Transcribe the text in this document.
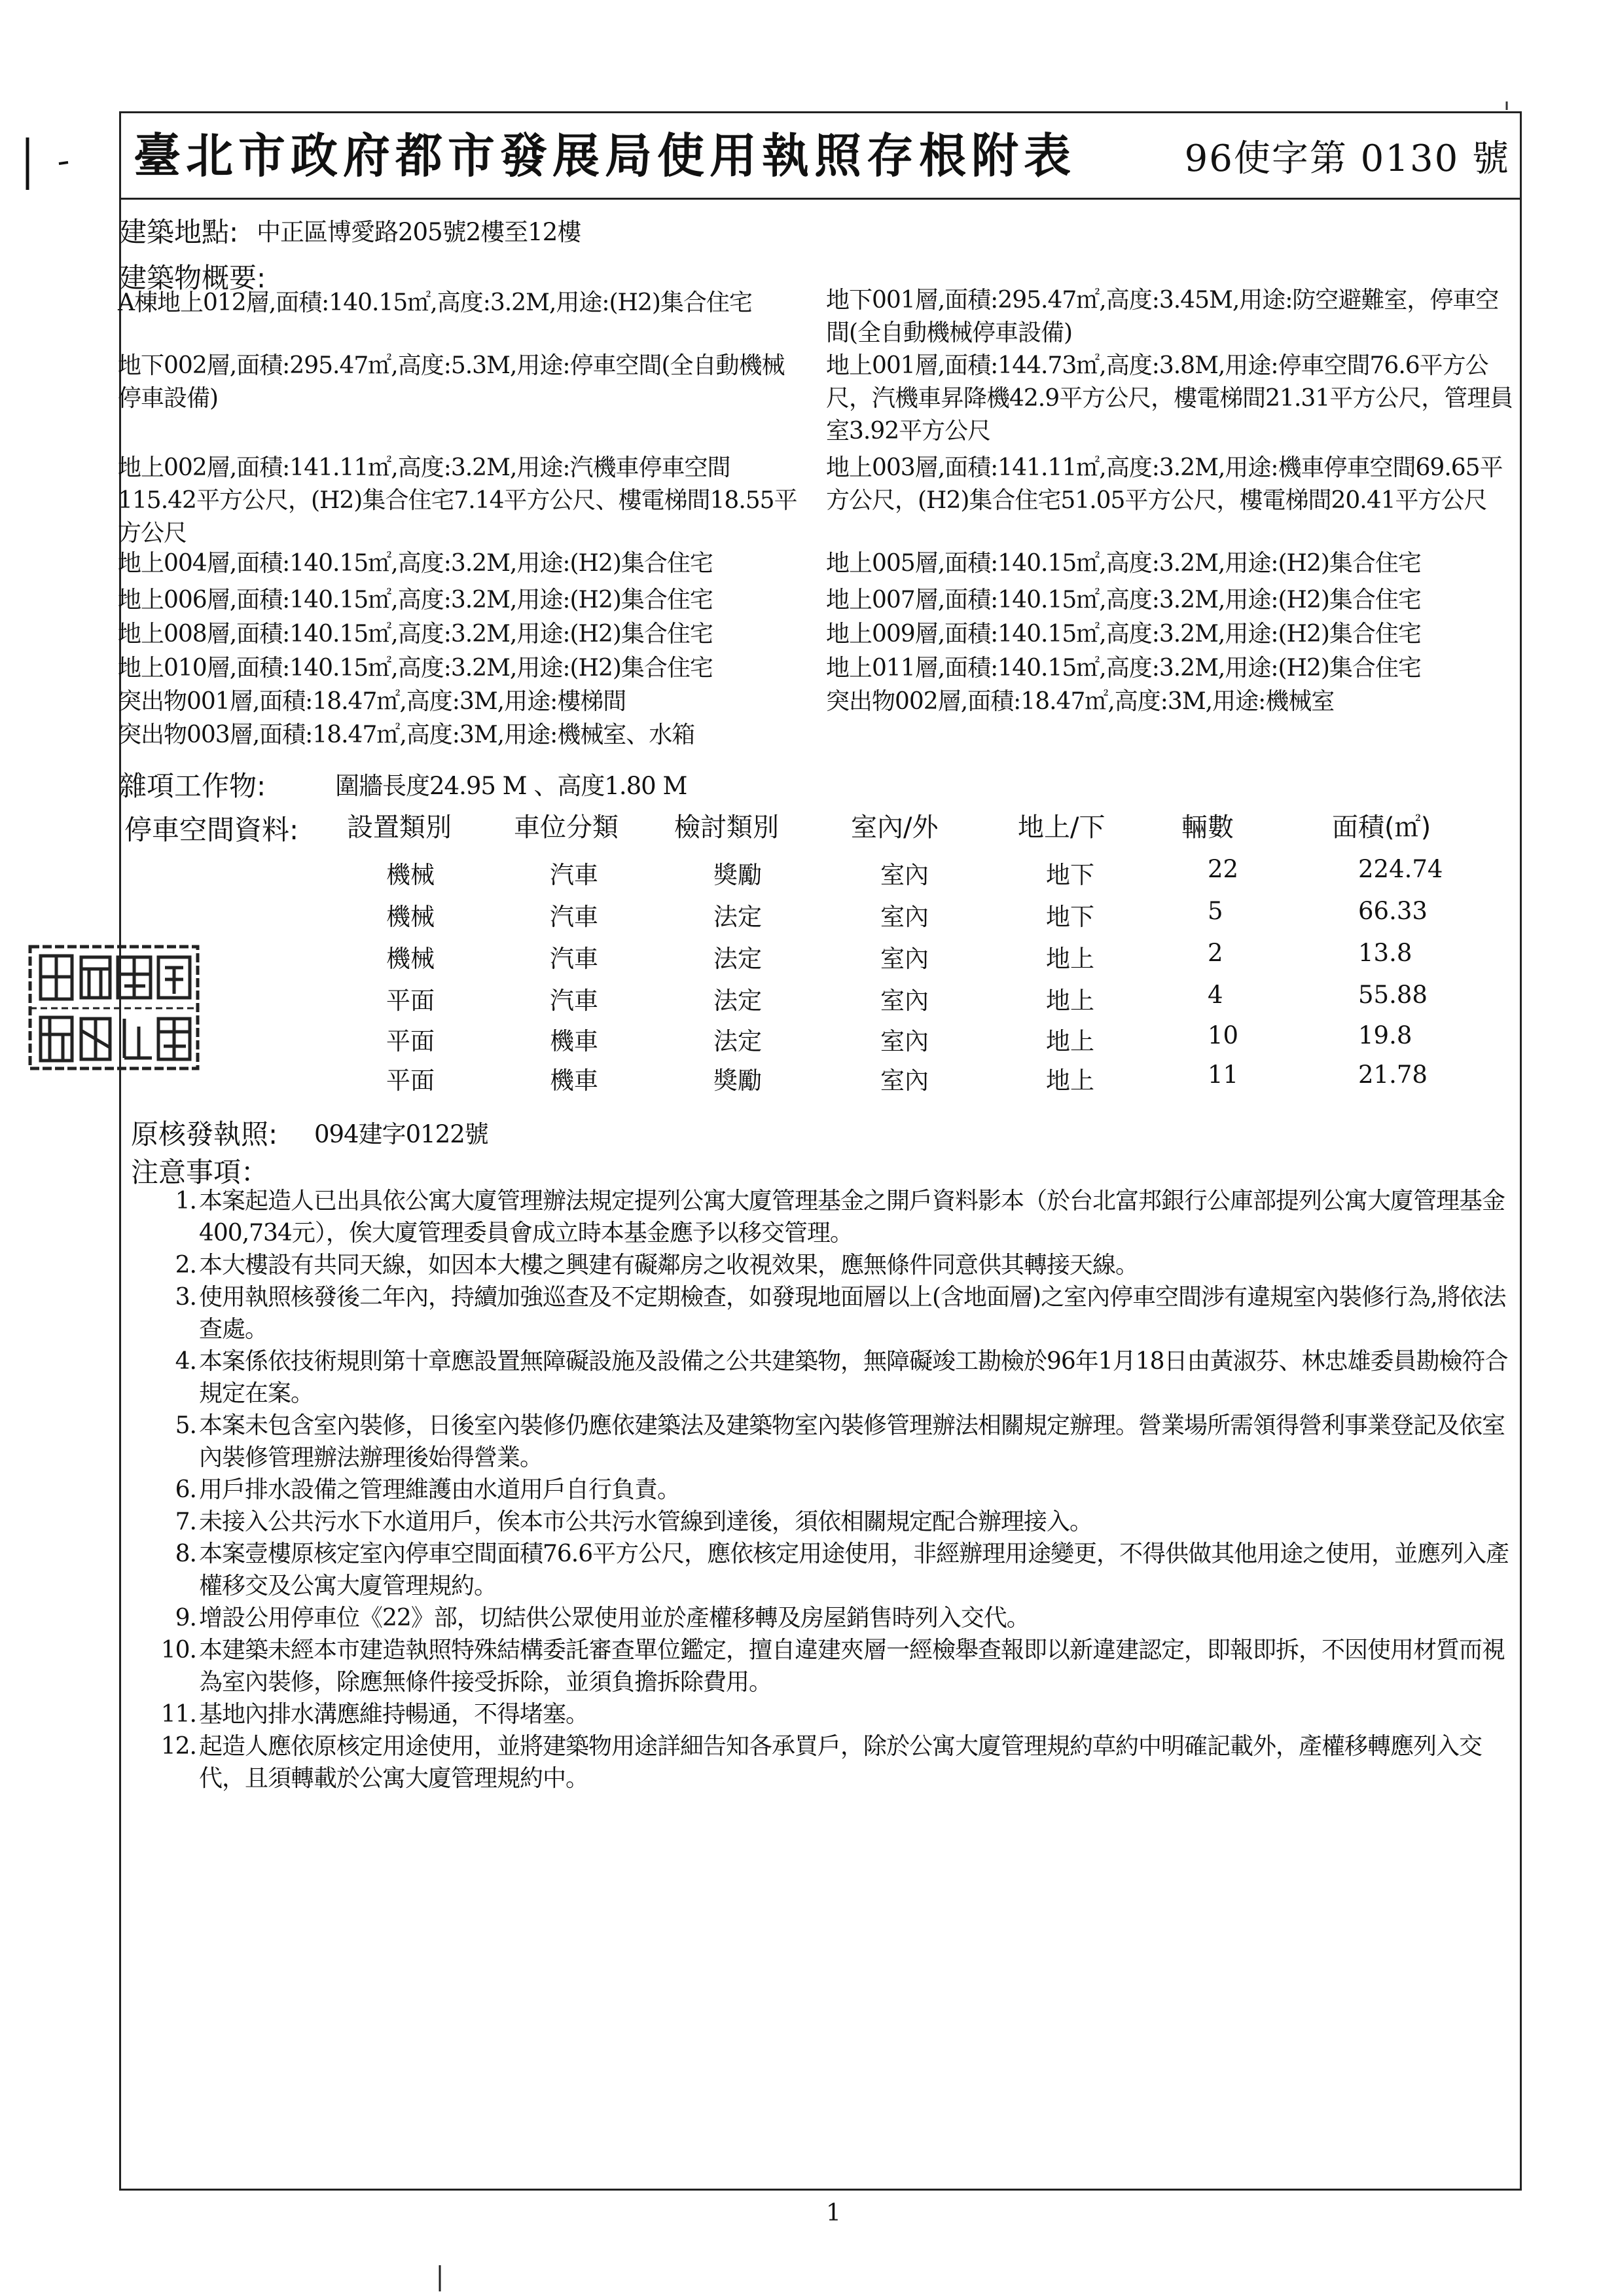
臺北市政府都市發展局使用執照存根附表	96使字第 0130 號
建築地點: 中正區博愛路205號2樓至12樓
建築物概要:
A棟地上012層,面積:140.15㎡,高度:3.2M,用途:(H2)集合住宅
地下002層,面積:295.47㎡,高度:5.3M,用途:停車空間(全自動機械停車設備)
地上002層,面積:141.11㎡,高度:3.2M,用途:汽機車停車空間115.42平方公尺，(H2)集合住宅7.14平方公尺、樓電梯間18.55平方公尺
地上004層,面積:140.15㎡,高度:3.2M,用途:(H2)集合住宅
地上006層,面積:140.15㎡,高度:3.2M,用途:(H2)集合住宅
地上008層,面積:140.15㎡,高度:3.2M,用途:(H2)集合住宅
地上010層,面積:140.15㎡,高度:3.2M,用途:(H2)集合住宅
突出物001層,面積:18.47㎡,高度:3M,用途:樓梯間
突出物003層,面積:18.47㎡,高度:3M,用途:機械室、水箱
地下001層,面積:295.47㎡,高度:3.45M,用途:防空避難室，停車空間(全自動機械停車設備)
地上001層,面積:144.73㎡,高度:3.8M,用途:停車空間76.6平方公尺，汽機車昇降機42.9平方公尺，樓電梯間21.31平方公尺，管理員室3.92平方公尺
地上003層,面積:141.11㎡,高度:3.2M,用途:機車停車空間69.65平方公尺，(H2)集合住宅51.05平方公尺，樓電梯間20.41平方公尺
地上005層,面積:140.15㎡,高度:3.2M,用途:(H2)集合住宅
地上007層,面積:140.15㎡,高度:3.2M,用途:(H2)集合住宅
地上009層,面積:140.15㎡,高度:3.2M,用途:(H2)集合住宅
地上011層,面積:140.15㎡,高度:3.2M,用途:(H2)集合住宅
突出物002層,面積:18.47㎡,高度:3M,用途:機械室
雜項工作物:	圍牆長度24.95 M 、高度1.80 M
停車空間資料: 設置類別 車位分類 檢討類別	室內/外	地上/下	輛數	面積(㎡)
機械	汽車	獎勵	室內	地下	22	224.74
機械	汽車	法定	室內	地下	5	66.33
機械	汽車	法定	室內	地上	2	13.8
平面	汽車	法定	室內	地上	4	55.88
平面	機車	法定	室內	地上	10	19.8
平面	機車	獎勵	室內	地上	11	21.78
原核發執照: 094建字0122號
注意事項：
1. 本案起造人已出具依公寓大廈管理辦法規定提列公寓大廈管理基金之開戶資料影本（於台北富邦銀行公庫部提列公寓大廈管理基金400,734元），俟大廈管理委員會成立時本基金應予以移交管理。
2. 本大樓設有共同天線，如因本大樓之興建有礙鄰房之收視效果，應無條件同意供其轉接天線。
3. 使用執照核發後二年內，持續加強巡查及不定期檢查，如發現地面層以上(含地面層)之室內停車空間涉有違規室內裝修行為,將依法查處。
4. 本案係依技術規則第十章應設置無障礙設施及設備之公共建築物，無障礙竣工勘檢於96年1月18日由黃淑芬、林忠雄委員勘檢符合規定在案。
5. 本案未包含室內裝修，日後室內裝修仍應依建築法及建築物室內裝修管理辦法相關規定辦理。營業場所需領得營利事業登記及依室內裝修管理辦法辦理後始得營業。
6. 用戶排水設備之管理維護由水道用戶自行負責。
7. 未接入公共污水下水道用戶，俟本市公共污水管線到達後，須依相關規定配合辦理接入。
8. 本案壹樓原核定室內停車空間面積76.6平方公尺，應依核定用途使用，非經辦理用途變更，不得供做其他用途之使用，並應列入產權移交及公寓大廈管理規約。
9. 增設公用停車位《22》部，切結供公眾使用並於產權移轉及房屋銷售時列入交代。
10. 本建築未經本市建造執照特殊結構委託審查單位鑑定，擅自違建夾層一經檢舉查報即以新違建認定，即報即拆，不因使用材質而視為室內裝修，除應無條件接受拆除，並須負擔拆除費用。
11. 基地內排水溝應維持暢通，不得堵塞。
12. 起造人應依原核定用途使用，並將建築物用途詳細告知各承買戶，除於公寓大廈管理規約草約中明確記載外，產權移轉應列入交代，且須轉載於公寓大廈管理規約中。
1
